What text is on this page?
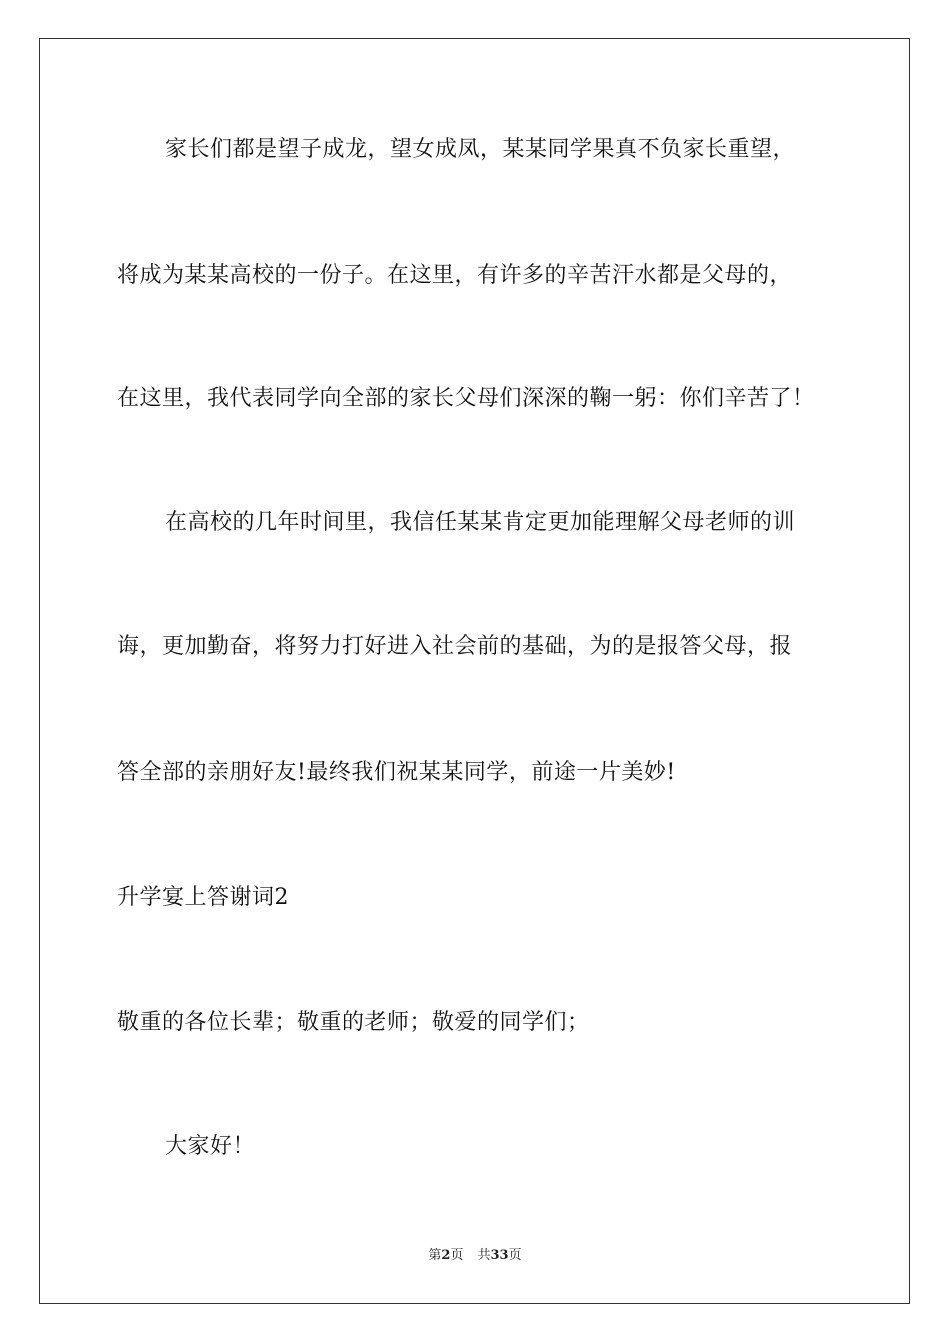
家长们都是望子成龙，望女成凤，某某同学果真不负家长重望，
将成为某某高校的一份子。在这里，有许多的辛苦汗水都是父母的，
在这里，我代表同学向全部的家长父母们深深的鞠一躬：你们辛苦了！
在高校的几年时间里，我信任某某肯定更加能理解父母老师的训
诲，更加勤奋，将努力打好进入社会前的基础，为的是报答父母，报
答全部的亲朋好友!最终我们祝某某同学，前途一片美妙!
升学宴上答谢词2
敬重的各位长辈；敬重的老师；敬爱的同学们；
大家好！
第2页 共33页
